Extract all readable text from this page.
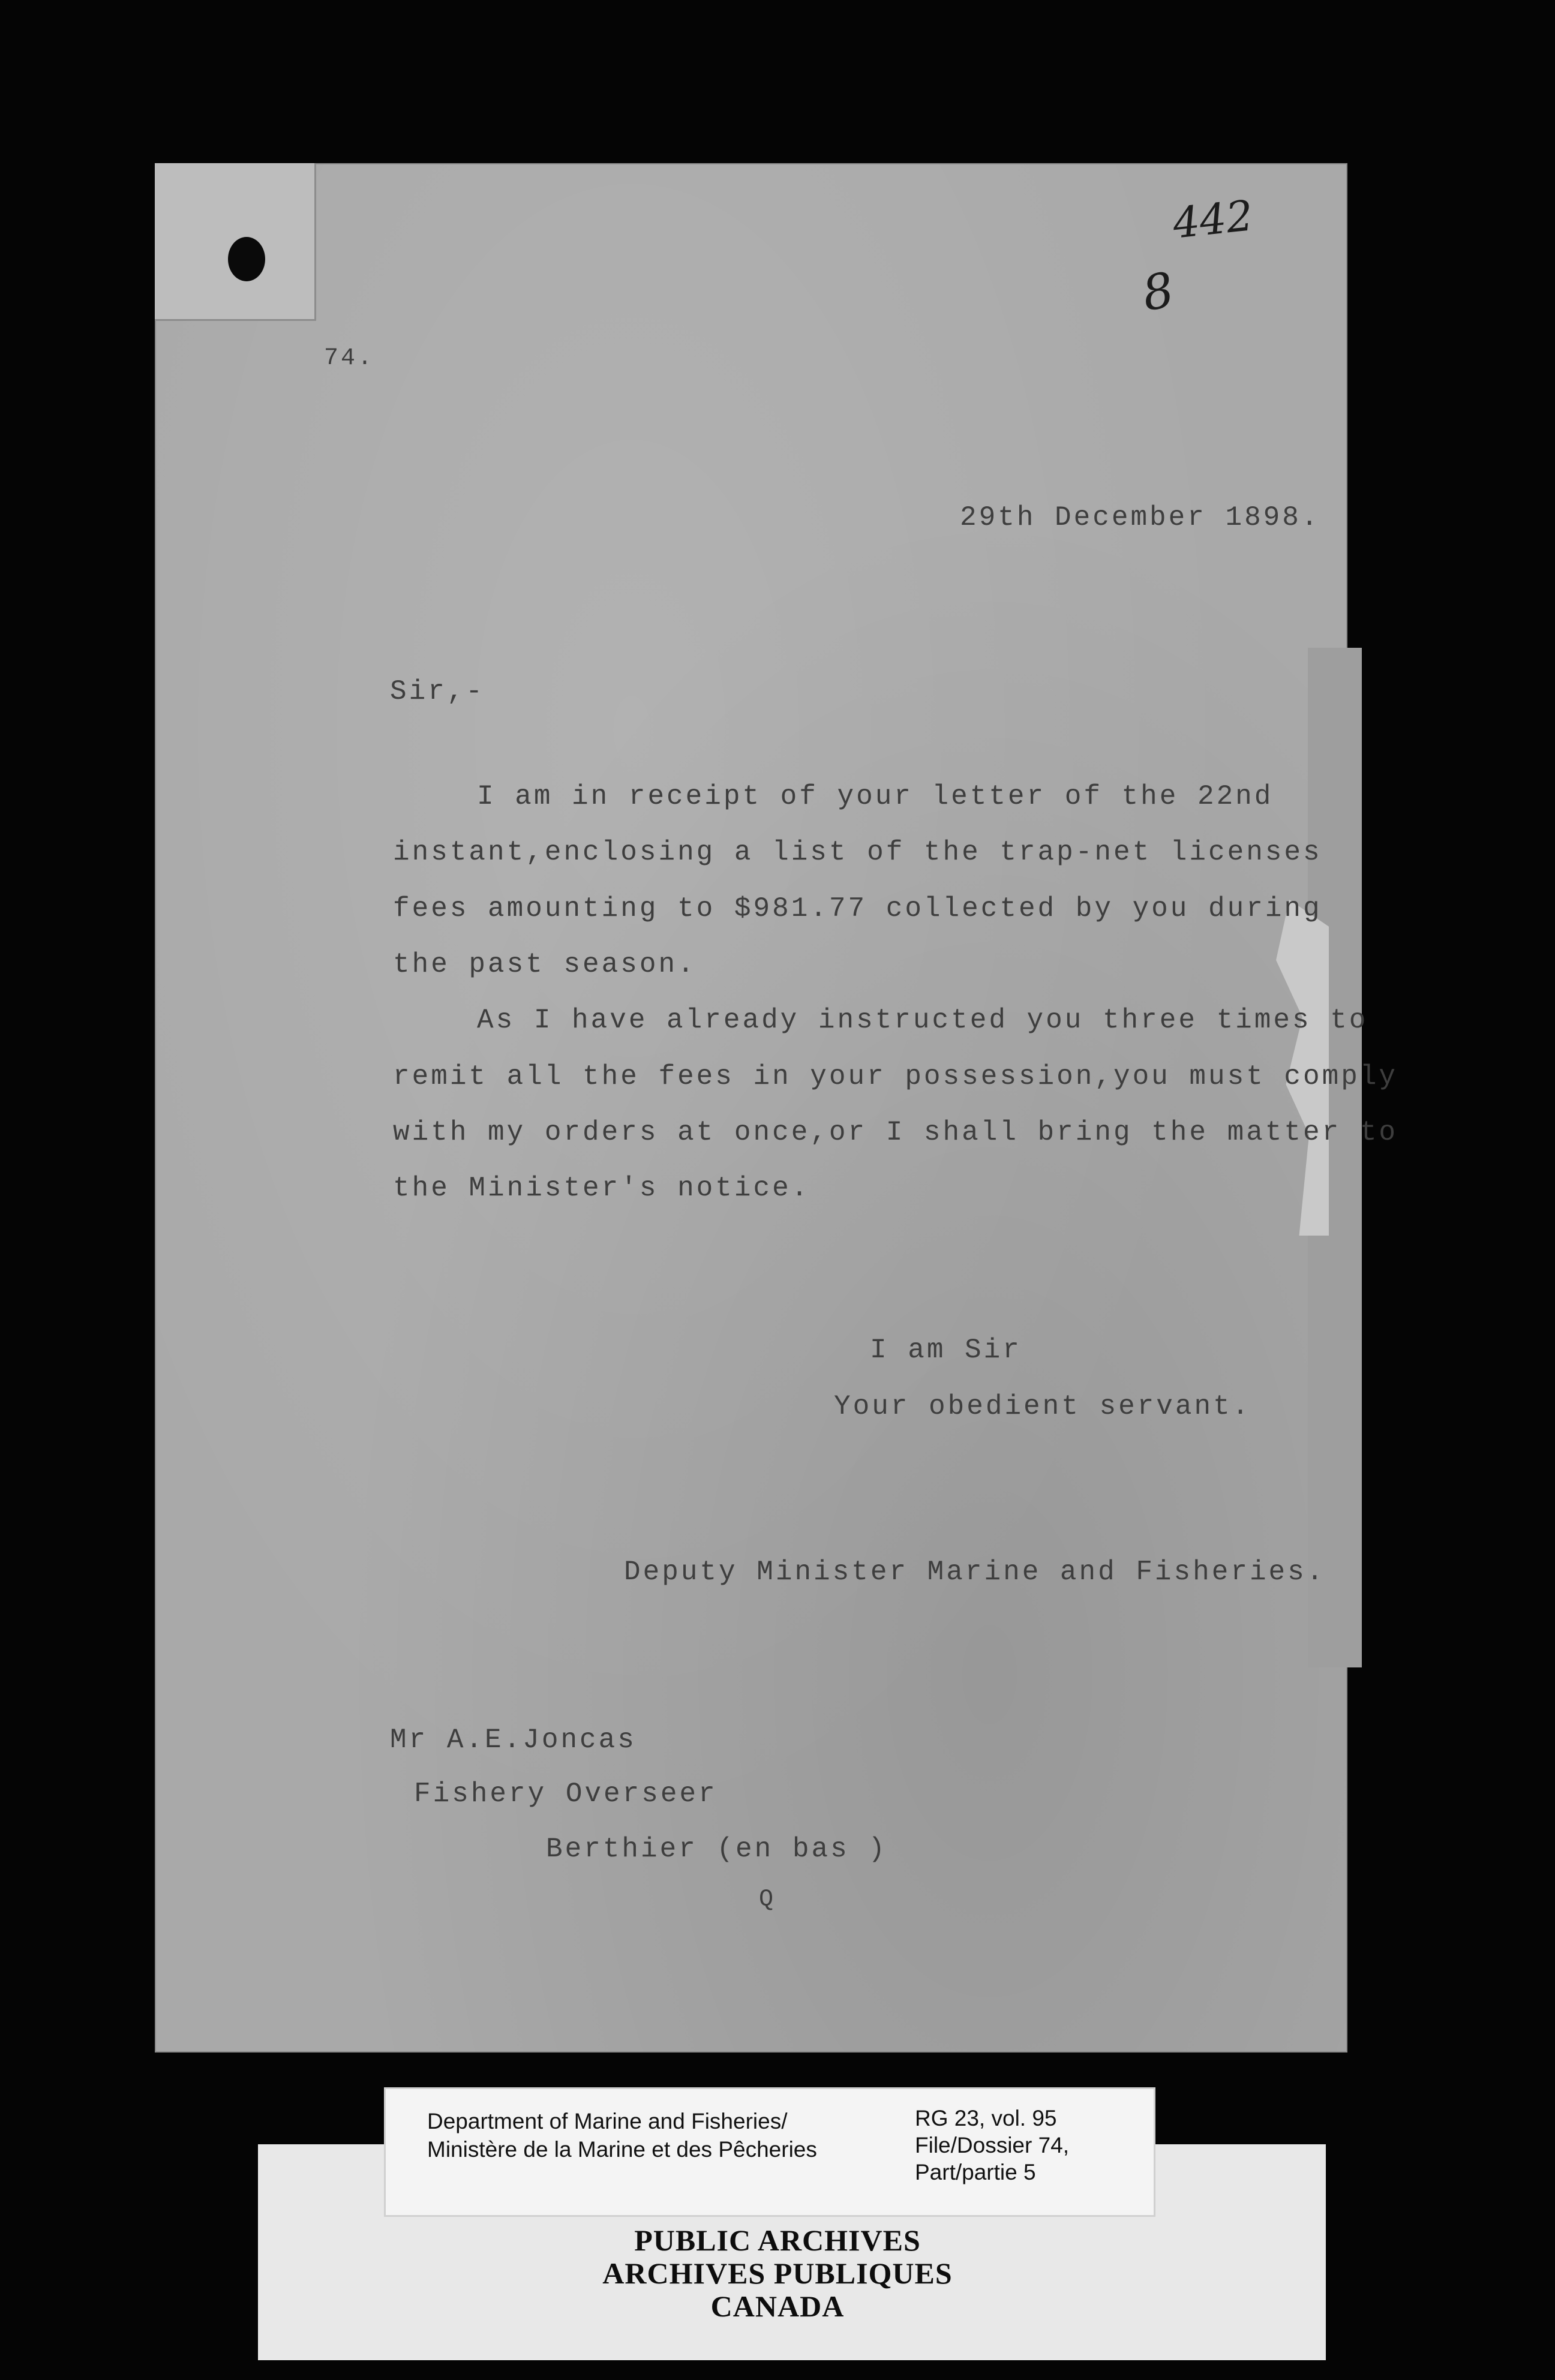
442
8
74.
29th December 1898.
Sir,-
I am in receipt of your letter of the 22nd
instant,enclosing a list of the trap-net licenses
fees amounting to $981.77 collected by you during
the past season.
As I have already instructed you three times to
remit all the fees in your possession,you must comply
with my orders at once,or I shall bring the matter to
the Minister's notice.
I am Sir
Your obedient servant.
Deputy Minister Marine and Fisheries.
Mr A.E.Joncas
Fishery Overseer
Berthier (en bas )
Q
Department of Marine and Fisheries/
Ministère de la Marine et des Pêcheries
RG 23, vol. 95
File/Dossier 74,
Part/partie 5
PUBLIC ARCHIVES
ARCHIVES PUBLIQUES
CANADA
